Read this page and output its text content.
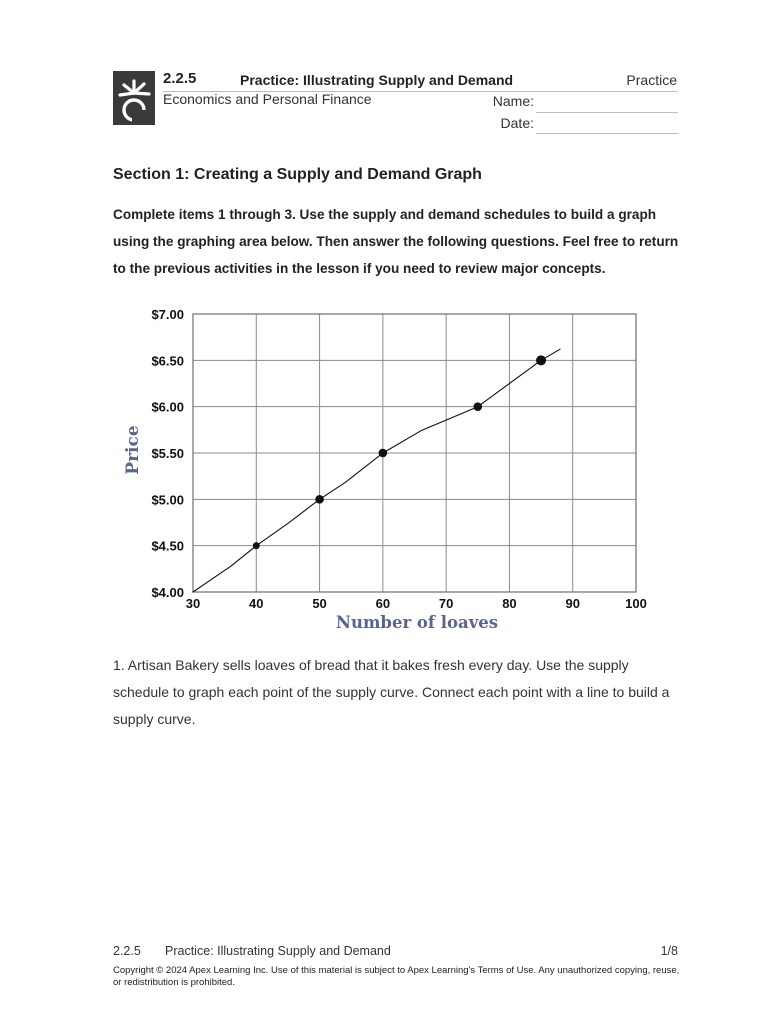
2.2.5	Practice: Illustrating Supply and Demand	Practice
Economics and Personal Finance	Name:
Date:
Section 1: Creating a Supply and Demand Graph
Complete items 1 through 3. Use the supply and demand schedules to build a graph using the graphing area below. Then answer the following questions. Feel free to return to the previous activities in the lesson if you need to review major concepts.
$4.00
$4.50
$5.00
$5.50
$6.00
$6.50
$7.00
30	40	50	60	70	80	90	100
Price
Number of loaves
1. Artisan Bakery sells loaves of bread that it bakes fresh every day. Use the supply schedule to graph each point of the supply curve. Connect each point with a line to build a supply curve.
2.2.5 Practice: Illustrating Supply and Demand	1/8
Copyright © 2024 Apex Learning Inc. Use of this material is subject to Apex Learning's Terms of Use. Any unauthorized copying, reuse, or redistribution is prohibited.
